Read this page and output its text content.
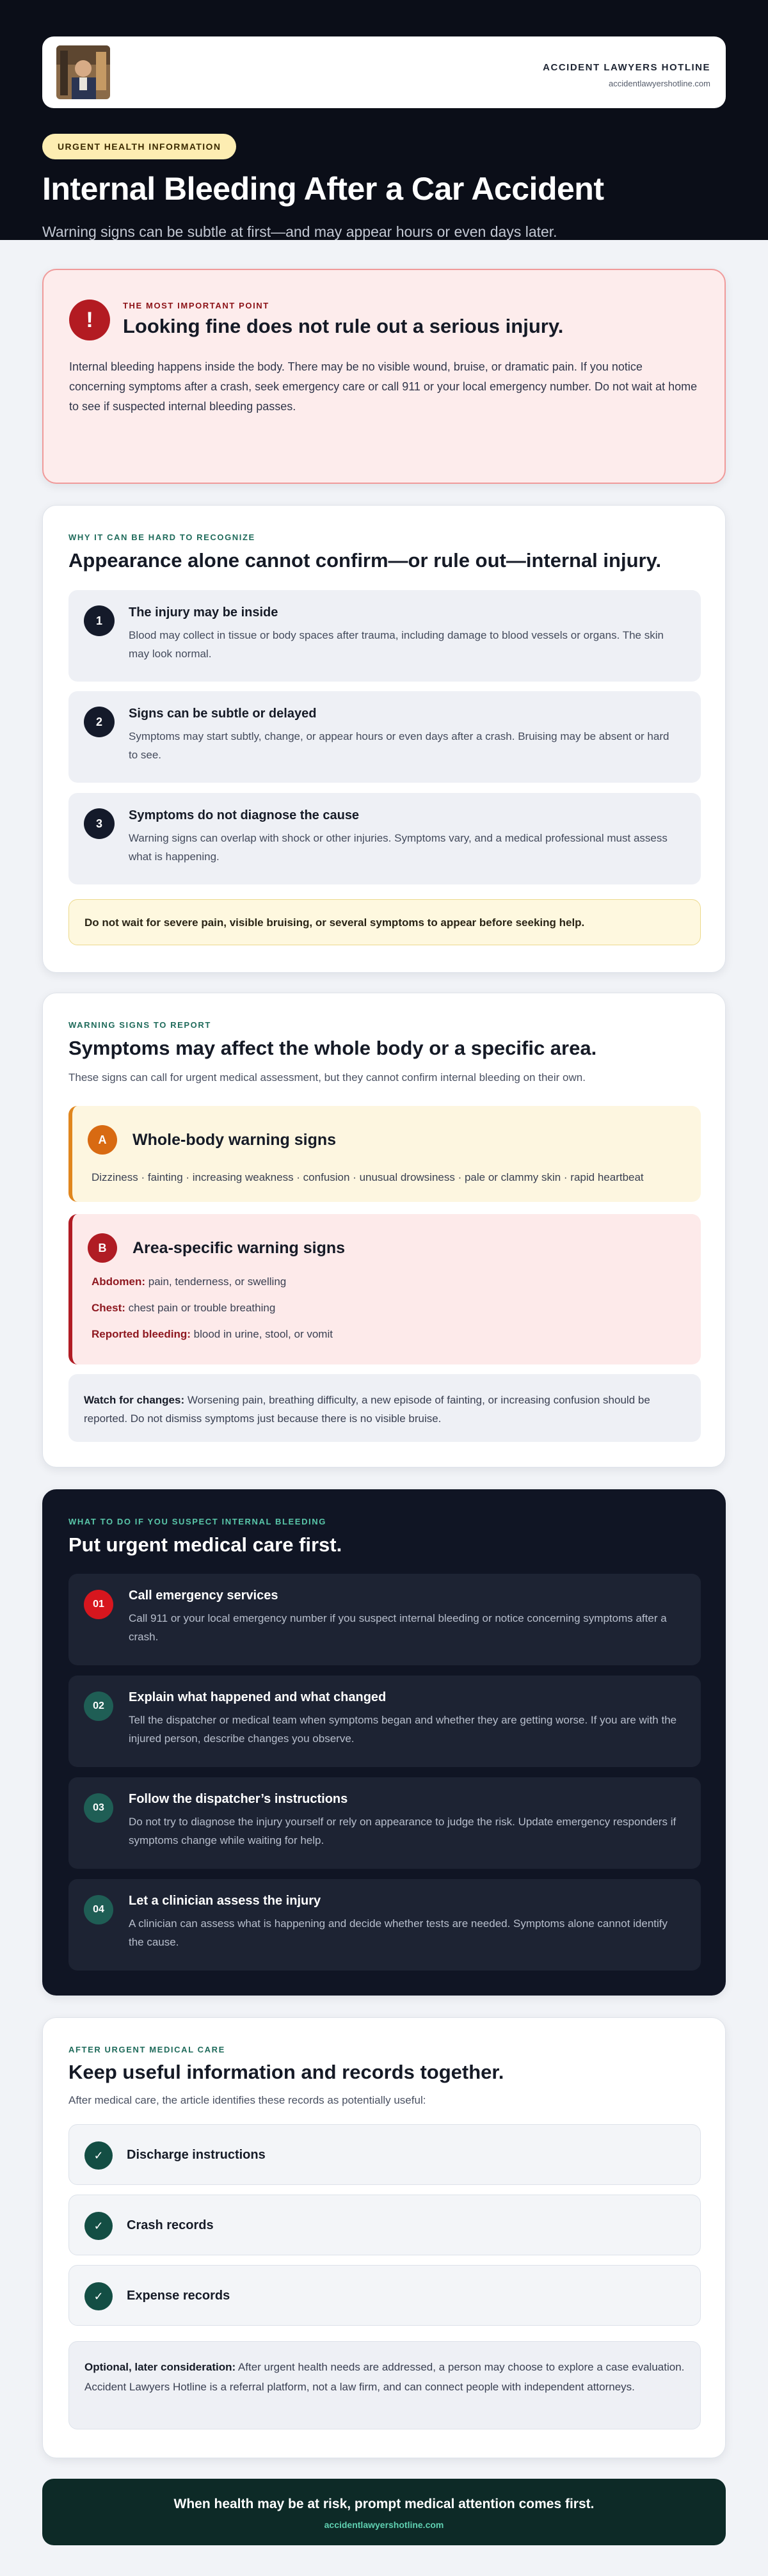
ACCIDENT LAWYERS HOTLINE
accidentlawyershotline.com
URGENT HEALTH INFORMATION
Internal Bleeding After a Car Accident
Warning signs can be subtle at first—and may appear hours or even days later.
!
THE MOST IMPORTANT POINT
Looking fine does not rule out a serious injury.
Internal bleeding happens inside the body. There may be no visible wound, bruise, or dramatic pain. If you notice concerning symptoms after a crash, seek emergency care or call 911 or your local emergency number. Do not wait at home to see if suspected internal bleeding passes.
WHY IT CAN BE HARD TO RECOGNIZE
Appearance alone cannot confirm—or rule out—internal injury.
1
The injury may be inside
Blood may collect in tissue or body spaces after trauma, including damage to blood vessels or organs. The skin may look normal.
2
Signs can be subtle or delayed
Symptoms may start subtly, change, or appear hours or even days after a crash. Bruising may be absent or hard to see.
3
Symptoms do not diagnose the cause
Warning signs can overlap with shock or other injuries. Symptoms vary, and a medical professional must assess what is happening.
Do not wait for severe pain, visible bruising, or several symptoms to appear before seeking help.
WARNING SIGNS TO REPORT
Symptoms may affect the whole body or a specific area.
These signs can call for urgent medical assessment, but they cannot confirm internal bleeding on their own.
A	Whole-body warning signs
Dizziness · fainting · increasing weakness · confusion · unusual drowsiness · pale or clammy skin · rapid heartbeat
B	Area-specific warning signs
Abdomen: pain, tenderness, or swelling
Chest: chest pain or trouble breathing
Reported bleeding: blood in urine, stool, or vomit
Watch for changes: Worsening pain, breathing difficulty, a new episode of fainting, or increasing confusion should be reported. Do not dismiss symptoms just because there is no visible bruise.
WHAT TO DO IF YOU SUSPECT INTERNAL BLEEDING
Put urgent medical care first.
01
Call emergency services
Call 911 or your local emergency number if you suspect internal bleeding or notice concerning symptoms after a crash.
02
Explain what happened and what changed
Tell the dispatcher or medical team when symptoms began and whether they are getting worse. If you are with the injured person, describe changes you observe.
03
Follow the dispatcher’s instructions
Do not try to diagnose the injury yourself or rely on appearance to judge the risk. Update emergency responders if symptoms change while waiting for help.
04
Let a clinician assess the injury
A clinician can assess what is happening and decide whether tests are needed. Symptoms alone cannot identify the cause.
AFTER URGENT MEDICAL CARE
Keep useful information and records together.
After medical care, the article identifies these records as potentially useful:
✓	Discharge instructions
✓	Crash records
✓	Expense records
Optional, later consideration: After urgent health needs are addressed, a person may choose to explore a case evaluation. Accident Lawyers Hotline is a referral platform, not a law firm, and can connect people with independent attorneys.
When health may be at risk, prompt medical attention comes first.
accidentlawyershotline.com
